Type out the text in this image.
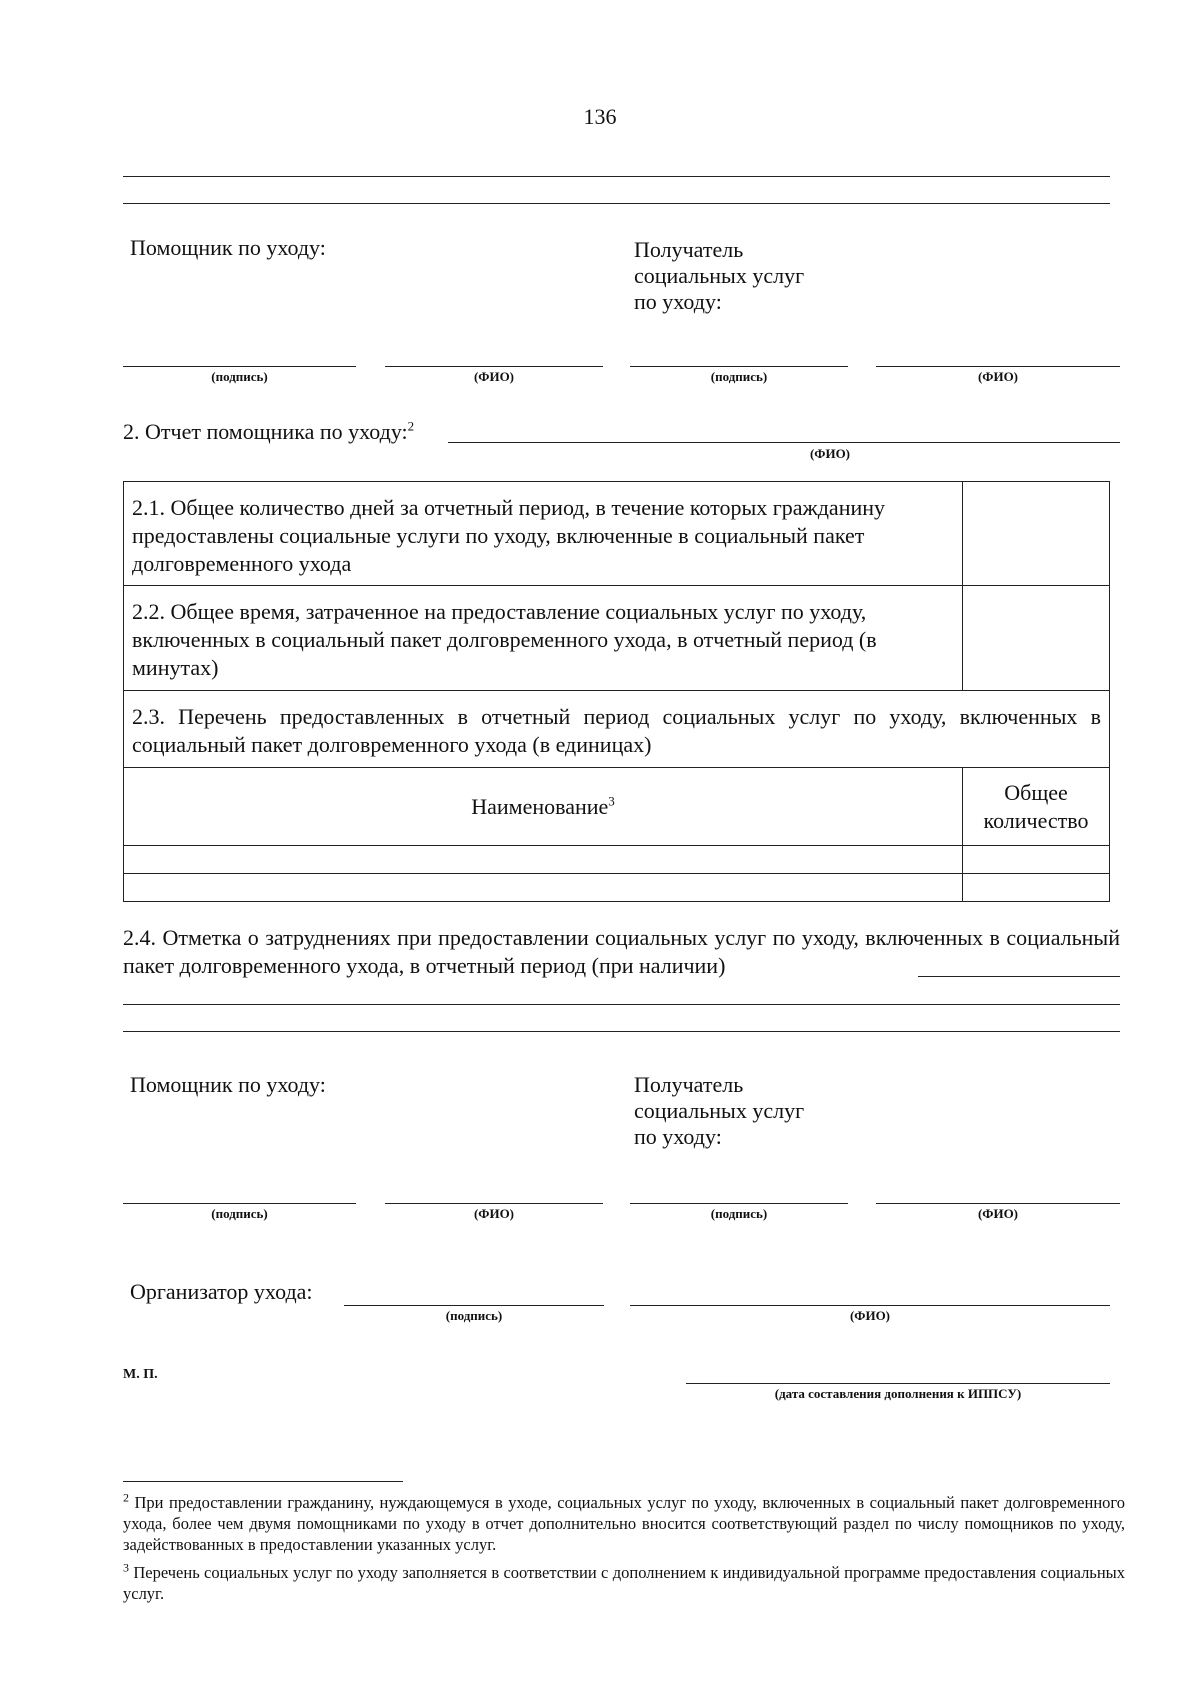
136
Помощник по уходу:	Получатель
социальных услуг
по уходу:
(подпись)	(ФИО)	(подпись)	(ФИО)
2. Отчет помощника по уходу:$^2$
(ФИО)
2.1. Общее количество дней за отчетный период, в течение которых гражданину предоставлены социальные услуги по уходу, включенные в социальный пакет долговременного ухода	
2.2. Общее время, затраченное на предоставление социальных услуг по уходу, включенных в социальный пакет долговременного ухода, в отчетный период (в минутах)	
2.3. Перечень предоставленных в отчетный период социальных услуг по уходу, включенных в социальный пакет долговременного ухода (в единицах)	
Наименование$^3$	Общее
количество

2.4. Отметка о затруднениях при предоставлении социальных услуг по уходу, включенных в социальный пакет долговременного ухода, в отчетный период (при наличии)
Помощник по уходу:	Получатель
социальных услуг
по уходу:
(подпись)	(ФИО)	(подпись)	(ФИО)
Организатор ухода:
(подпись)	(ФИО)
М. П.
(дата составления дополнения к ИППСУ)
$^2$ При предоставлении гражданину, нуждающемуся в уходе, социальных услуг по уходу, включенных в социальный пакет долговременного ухода, более чем двумя помощниками по уходу в отчет дополнительно вносится соответствующий раздел по числу помощников по уходу, задействованных в предоставлении указанных услуг.
$^3$ Перечень социальных услуг по уходу заполняется в соответствии с дополнением к индивидуальной программе предоставления социальных услуг.
